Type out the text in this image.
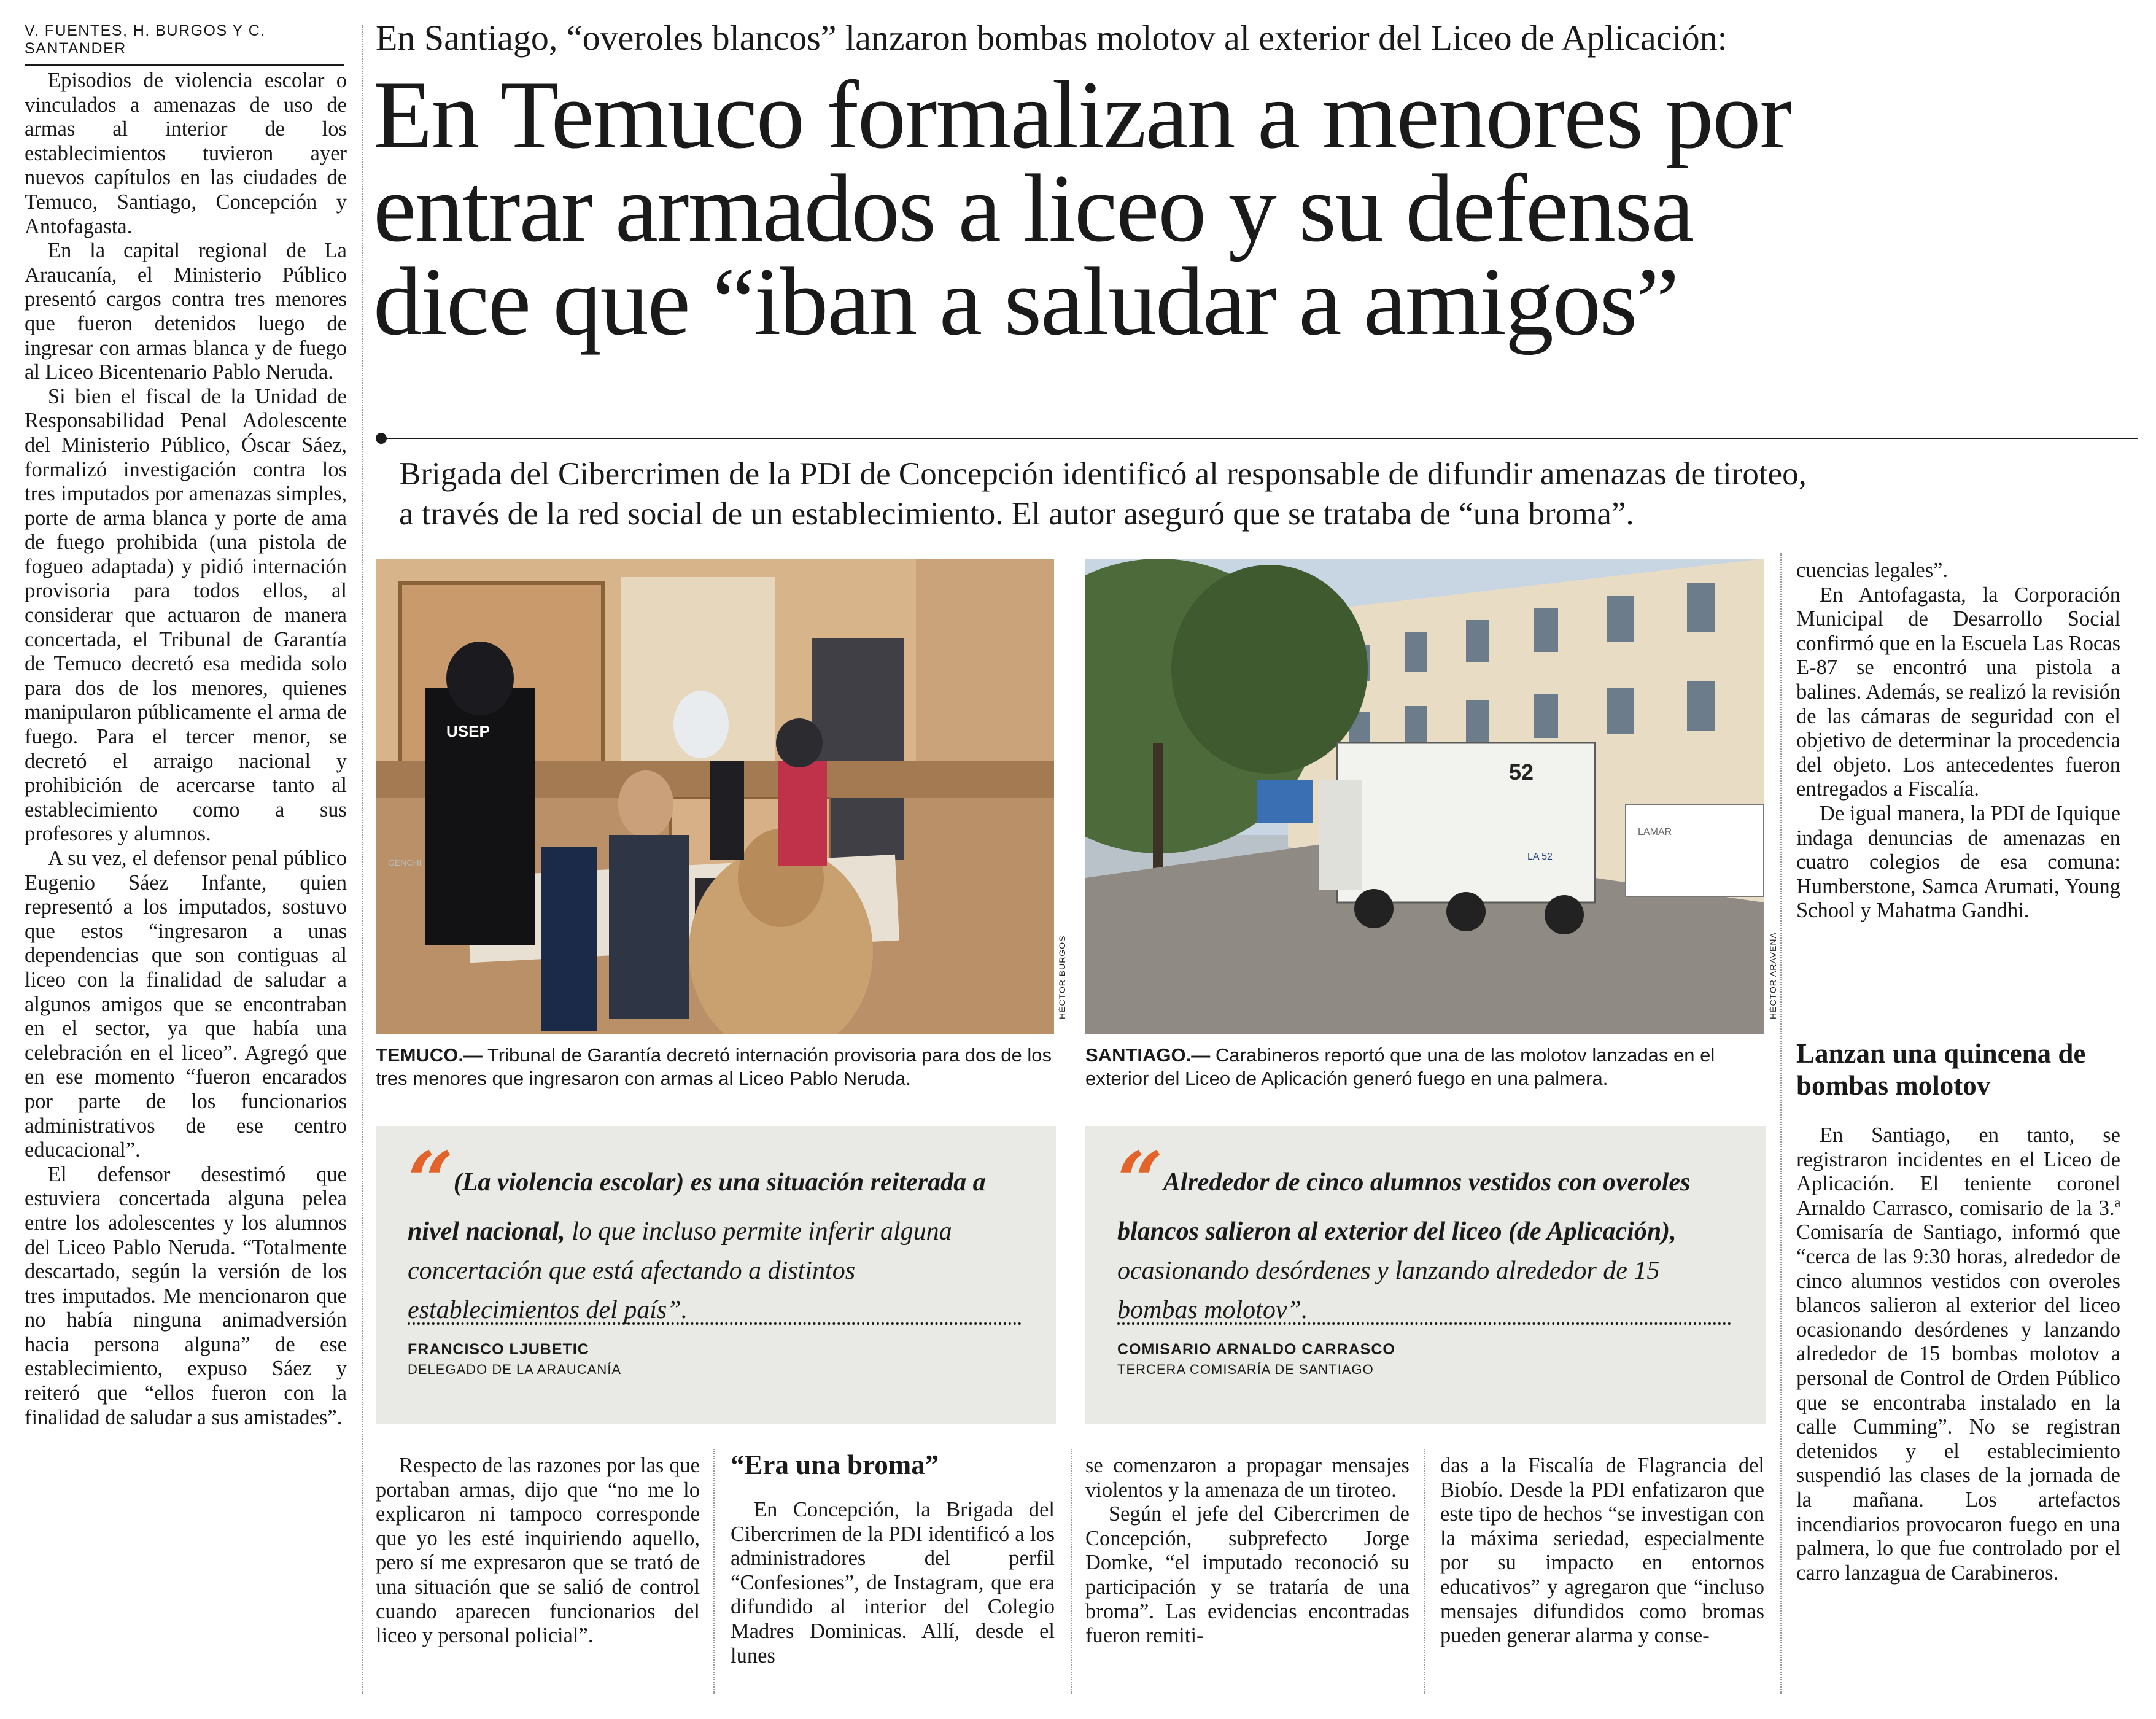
V. FUENTES, H. BURGOS Y C. SANTANDER

Episodios de violencia escolar o vinculados a amenazas de uso de armas al interior de los establecimientos tuvieron ayer nuevos capítulos en las ciudades de Temuco, Santiago, Concepción y Antofagasta.

En la capital regional de La Araucanía, el Ministerio Público presentó cargos contra tres menores que fueron detenidos luego de ingresar con armas blanca y de fuego al Liceo Bicentenario Pablo Neruda.

Si bien el fiscal de la Unidad de Responsabilidad Penal Adolescente del Ministerio Público, Óscar Sáez, formalizó investigación contra los tres imputados por amenazas simples, porte de arma blanca y porte de ama de fuego prohibida (una pistola de fogueo adaptada) y pidió internación provisoria para todos ellos, al considerar que actuaron de manera concertada, el Tribunal de Garantía de Temuco decretó esa medida solo para dos de los menores, quienes manipularon públicamente el arma de fuego. Para el tercer menor, se decretó el arraigo nacional y prohibición de acercarse tanto al establecimiento como a sus profesores y alumnos.

A su vez, el defensor penal público Eugenio Sáez Infante, quien representó a los imputados, sostuvo que estos “ingresaron a unas dependencias que son contiguas al liceo con la finalidad de saludar a algunos amigos que se encontraban en el sector, ya que había una celebración en el liceo”. Agregó que en ese momento “fueron encarados por parte de los funcionarios administrativos de ese centro educacional”.

El defensor desestimó que estuviera concertada alguna pelea entre los adolescentes y los alumnos del Liceo Pablo Neruda. “Totalmente descartado, según la versión de los tres imputados. Me mencionaron que no había ninguna animadversión hacia persona alguna” de ese establecimiento, expuso Sáez y reiteró que “ellos fueron con la finalidad de saludar a sus amistades”.

En Santiago, “overoles blancos” lanzaron bombas molotov al exterior del Liceo de Aplicación:
En Temuco formalizan a menores por
entrar armados a liceo y su defensa
dice que “iban a saludar a amigos”
Brigada del Cibercrimen de la PDI de Concepción identificó al responsable de difundir amenazas de tiroteo,
a través de la red social de un establecimiento. El autor aseguró que se trataba de “una broma”.
USEP
GENCHI
HÉCTOR BURGOS
TEMUCO.— Tribunal de Garantía decretó internación provisoria para dos de los tres menores que ingresaron con armas al Liceo Pablo Neruda.
52
LA 52
LAMAR
HÉCTOR ARAVENA
SANTIAGO.— Carabineros reportó que una de las molotov lanzadas en el exterior del Liceo de Aplicación generó fuego en una palmera.
“(La violencia escolar) es una situación reiterada a nivel nacional, lo que incluso permite inferir alguna concertación que está afectando a distintos establecimientos del país”.
FRANCISCO LJUBETIC
DELEGADO DE LA ARAUCANÍA
“Alrededor de cinco alumnos vestidos con overoles blancos salieron al exterior del liceo (de Aplicación), ocasionando desórdenes y lanzando alrededor de 15 bombas molotov”.
COMISARIO ARNALDO CARRASCO
TERCERA COMISARÍA DE SANTIAGO

Respecto de las razones por las que portaban armas, dijo que “no me lo explicaron ni tampoco corresponde que yo les esté inquiriendo aquello, pero sí me expresaron que se trató de una situación que se salió de control cuando aparecen funcionarios del liceo y personal policial”.

“Era una broma”

En Concepción, la Brigada del Cibercrimen de la PDI identificó a los administradores del perfil “Confesiones”, de Instagram, que era difundido al interior del Colegio Madres Dominicas. Allí, desde el lunes

se comenzaron a propagar mensajes violentos y la amenaza de un tiroteo.

Según el jefe del Cibercrimen de Concepción, subprefecto Jorge Domke, “el imputado reconoció su participación y se trataría de una broma”. Las evidencias encontradas fueron remiti-

das a la Fiscalía de Flagrancia del Biobío. Desde la PDI enfatizaron que este tipo de hechos “se investigan con la máxima seriedad, especialmente por su impacto en entornos educativos” y agregaron que “incluso mensajes difundidos como bromas pueden generar alarma y conse-

cuencias legales”.

En Antofagasta, la Corporación Municipal de Desarrollo Social confirmó que en la Escuela Las Rocas E-87 se encontró una pistola a balines. Además, se realizó la revisión de las cámaras de seguridad con el objetivo de determinar la procedencia del objeto. Los antecedentes fueron entregados a Fiscalía.

De igual manera, la PDI de Iquique indaga denuncias de amenazas en cuatro colegios de esa comuna: Humberstone, Samca Arumati, Young School y Mahatma Gandhi.

Lanzan una quincena de bombas molotov

En Santiago, en tanto, se registraron incidentes en el Liceo de Aplicación. El teniente coronel Arnaldo Carrasco, comisario de la 3.ª Comisaría de Santiago, informó que “cerca de las 9:30 horas, alrededor de cinco alumnos vestidos con overoles blancos salieron al exterior del liceo ocasionando desórdenes y lanzando alrededor de 15 bombas molotov a personal de Control de Orden Público que se encontraba instalado en la calle Cumming”. No se registran detenidos y el establecimiento suspendió las clases de la jornada de la mañana. Los artefactos incendiarios provocaron fuego en una palmera, lo que fue controlado por el carro lanzagua de Carabineros.
